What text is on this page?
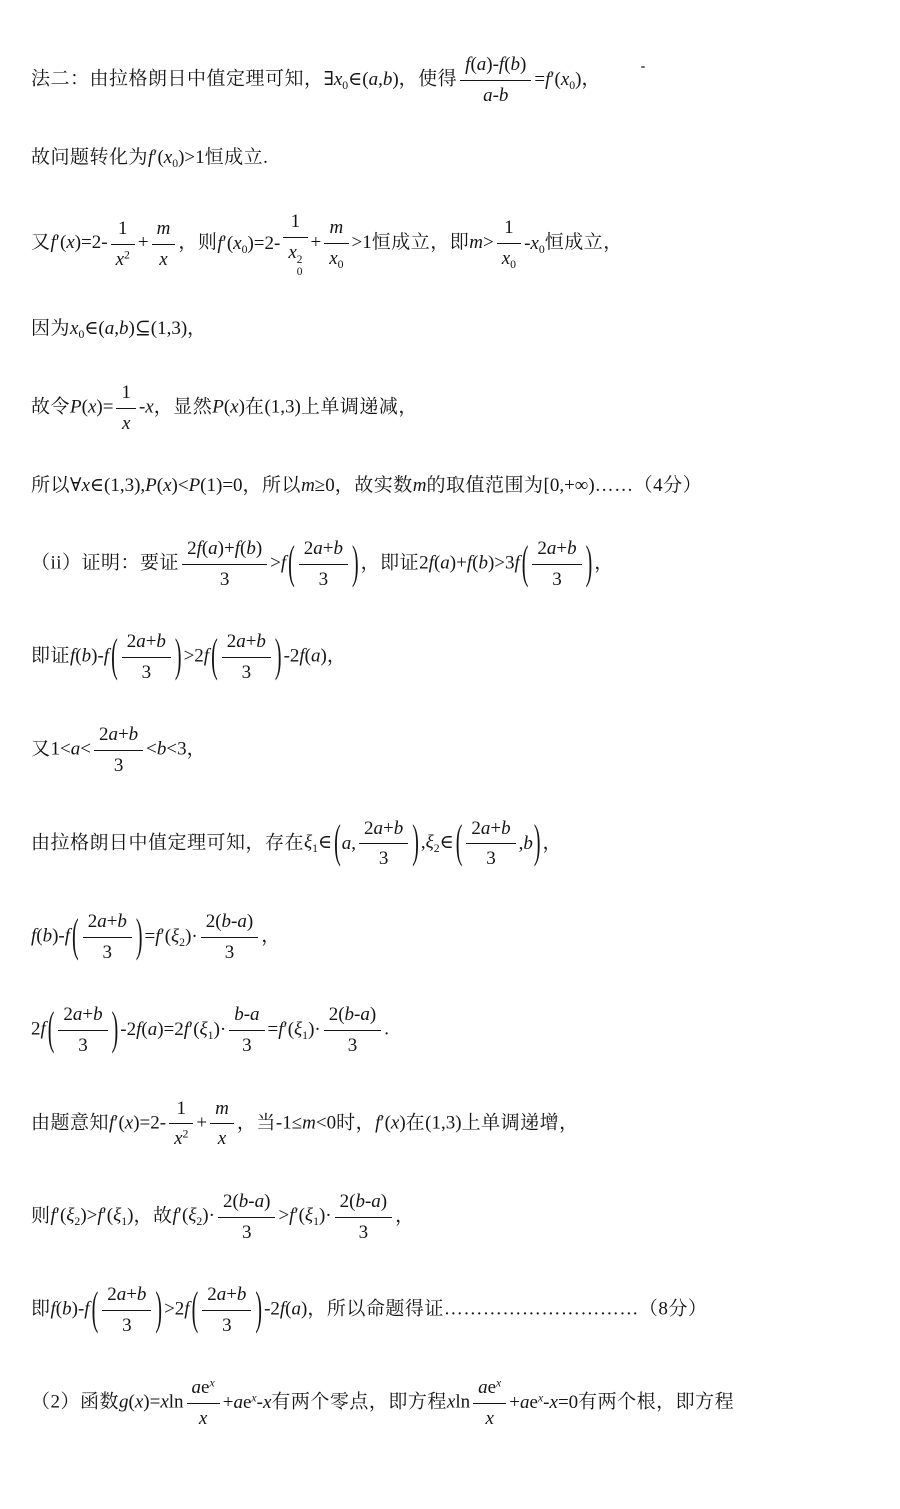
法二：由拉格朗日中值定理可知，$\exists x_0\in(a,b)$，使得 $\frac{f(a)-f(b)}{a-b} =f'(x_0)$，
故问题转化为$f'(x_0)>1$恒成立.
又$f'(x)=2- \frac{1}{x^2} + \frac{m}{x}$ ，则$f'(x_0)=2-$ 1
x 2
$0 + \frac{m}{x_0} >1$恒成立，即$m> \frac{1}{x_0} -x_0$恒成立，
因为$x_0\in(a,b)⊆(1,3)$，
故令$P(x)= \frac{1}{x} -x$，显然P(x)在(1,3)上单调递减，
所以∀x∈(1,3),P(x)<P(1)=0，所以m≥0，故实数m的取值范围为[0,+∞)……（4分）
（ii）证明：要证 $\frac{2f(a)+f(b)}{3} >f$ ( $\frac{2a+b}{3}$ ) ，即证2f(a)+f(b)>3f ( $\frac{2a+b}{3}$ ) ，
即证f(b)-f ( $\frac{2a+b}{3}$ ) >2f ( $\frac{2a+b}{3}$ ) -2f(a)，
又$1<a< \frac{2a+b}{3} <b<3$，
由拉格朗日中值定理可知，存在$\xi_1\in$ ( a, $\frac{2a+b}{3}$ ) $,\xi_2\in$ ( $\frac{2a+b}{3} ,b$ ) ，
f(b)-f ( $\frac{2a+b}{3}$ ) $=f'(\xi_2)\cdot \frac{2(b-a)}{3}$ ，
2f ( $\frac{2a+b}{3}$ ) $-2f(a)=2f'(\xi_1)\cdot \frac{b-a}{3} =f'(\xi_1)\cdot \frac{2(b-a)}{3}$ .
由题意知$f'(x)=2- \frac{1}{x^2} + \frac{m}{x}$ ，当-1≤m<0时，f′(x)在(1,3)上单调递增，
则$f'(\xi_2)>f'(\xi_1)$，故$f'(\xi_2)\cdot \frac{2(b-a)}{3} >f'(\xi_1)\cdot \frac{2(b-a)}{3}$ ，
即f(b)-f ( $\frac{2a+b}{3}$ ) >2f ( $\frac{2a+b}{3}$ ) -2f(a)，所以命题得证…………………………（8分）
（2）函数$g(x)=xln \frac{ae^x}{x} +ae^x-x$有两个零点，即方程xln $\frac{ae^x}{x} +ae^x-x=0$有两个根，即方程
